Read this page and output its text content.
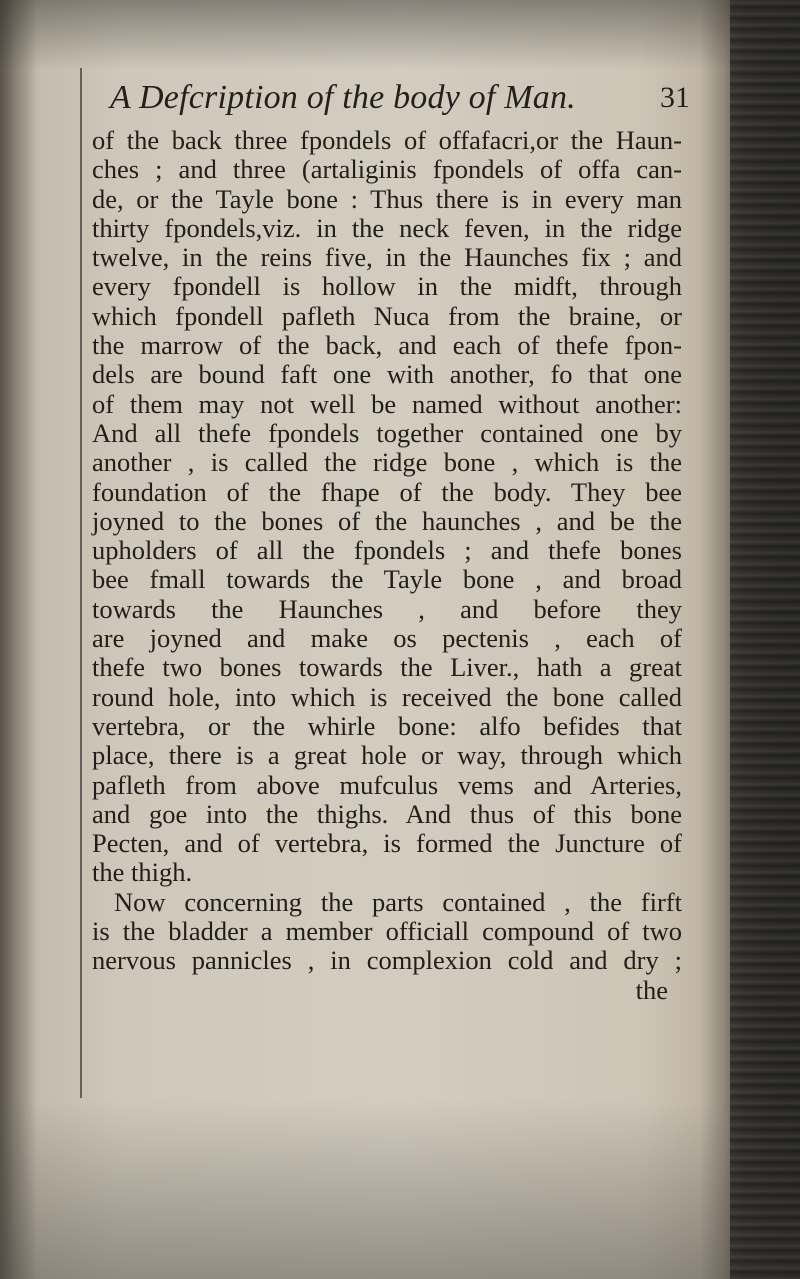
A Defcription of the body of Man.	31
of the back three fpondels of offafacri,or the Haun-
ches ; and three (artaliginis fpondels of offa can-
de, or the Tayle bone : Thus there is in every man
thirty fpondels,viz. in the neck feven, in the ridge
twelve, in the reins five, in the Haunches fix ; and
every fpondell is hollow in the midft, through
which fpondell pafleth Nuca from the braine, or
the marrow of the back, and each of thefe fpon-
dels are bound faft one with another, fo that one
of them may not well be named without another:
And all thefe fpondels together contained one by
another , is called the ridge bone , which is the
foundation of the fhape of the body. They bee
joyned to the bones of the haunches , and be the
upholders of all the fpondels ; and thefe bones
bee fmall towards the Tayle bone , and broad
towards the Haunches , and before they
are joyned and make os pectenis , each of
thefe two bones towards the Liver., hath a great
round hole, into which is received the bone called
vertebra, or the whirle bone: alfo befides that
place, there is a great hole or way, through which
pafleth from above mufculus vems and Arteries,
and goe into the thighs. And thus of this bone
Pecten, and of vertebra, is formed the Juncture of
the thigh.
Now concerning the parts contained , the firft
is the bladder a member officiall compound of two
nervous pannicles , in complexion cold and dry ;
the
